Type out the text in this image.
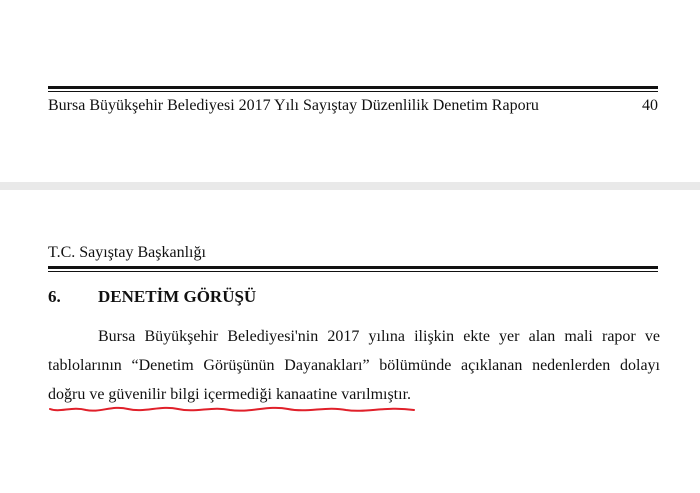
Bursa Büyükşehir Belediyesi 2017 Yılı Sayıştay Düzenlilik Denetim Raporu	40
T.C. Sayıştay Başkanlığı
6. DENETİM GÖRÜŞÜ
Bursa Büyükşehir Belediyesi'nin 2017 yılına ilişkin ekte yer alan mali rapor ve tablolarının “Denetim Görüşünün Dayanakları” bölümünde açıklanan nedenlerden dolayı doğru ve güvenilir bilgi içermediği kanaatine varılmıştır.
